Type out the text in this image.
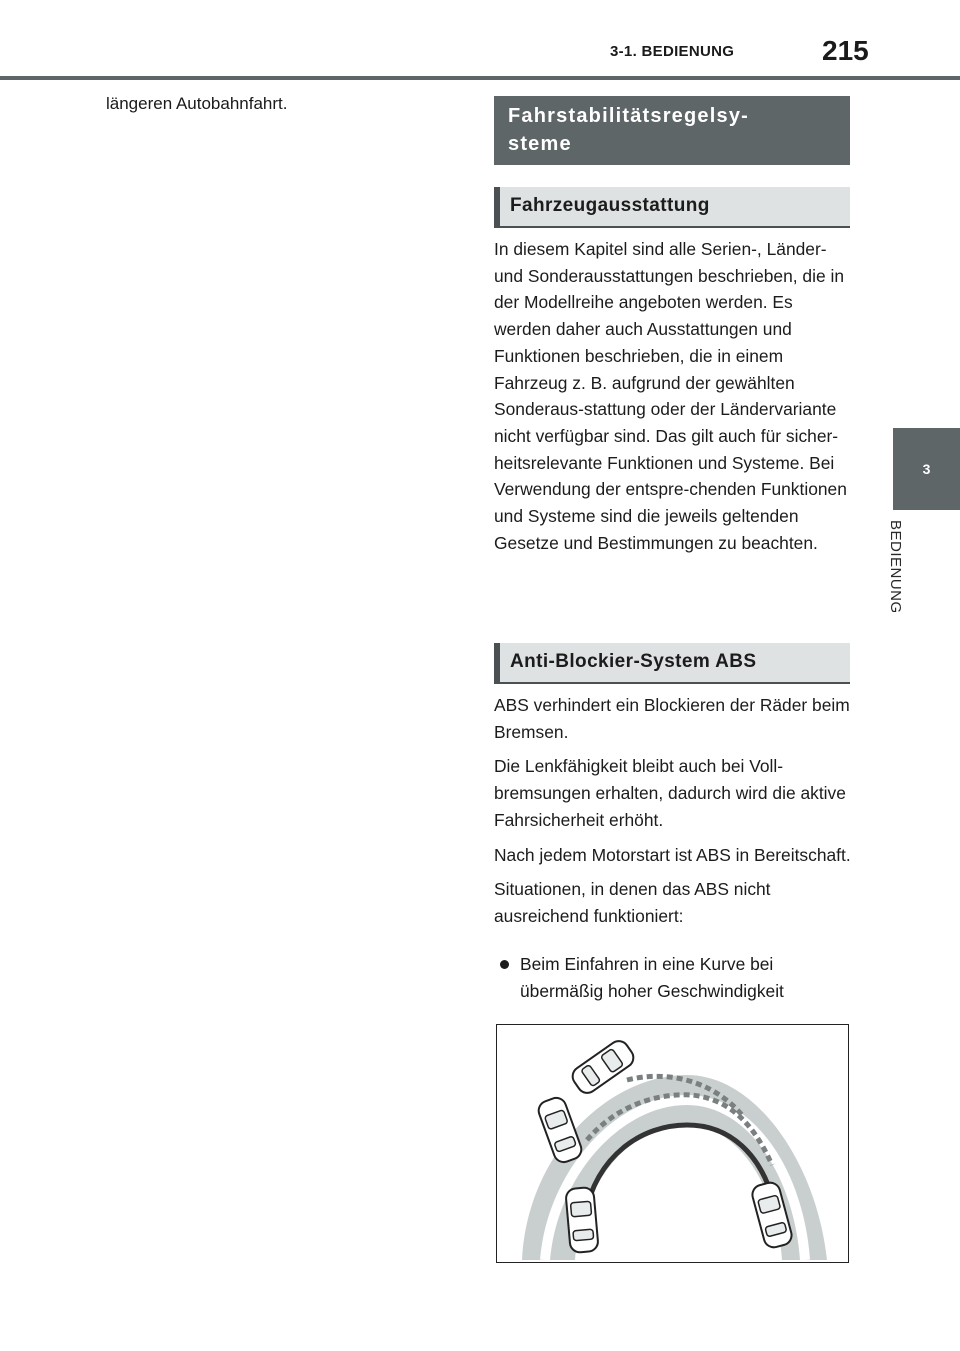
3-1. BEDIENUNG	215
3
BEDIENUNG
längeren Autobahnfahrt.
Fahrstabilitätsregelsy-
steme
Fahrzeugausstattung

In diesem Kapitel sind alle Serien-, Länder- und Sonderausstattungen beschrieben, die in der Modellreihe angeboten werden. Es werden daher auch Ausstattungen und Funktionen beschrieben, die in einem Fahrzeug z. B. aufgrund der gewählten Sonderaus-stattung oder der Ländervariante nicht verfügbar sind. Das gilt auch für sicher-heitsrelevante Funktionen und Systeme. Bei Verwendung der entspre-chenden Funktionen und Systeme sind die jeweils geltenden Gesetze und Bestimmungen zu beachten.

Anti-Blockier-System ABS

ABS verhindert ein Blockieren der Räder beim Bremsen.

Die Lenkfähigkeit bleibt auch bei Voll-bremsungen erhalten, dadurch wird die aktive Fahrsicherheit erhöht.

Nach jedem Motorstart ist ABS in Bereitschaft.

Situationen, in denen das ABS nicht ausreichend funktioniert:

Beim Einfahren in eine Kurve bei übermäßig hoher Geschwindigkeit
